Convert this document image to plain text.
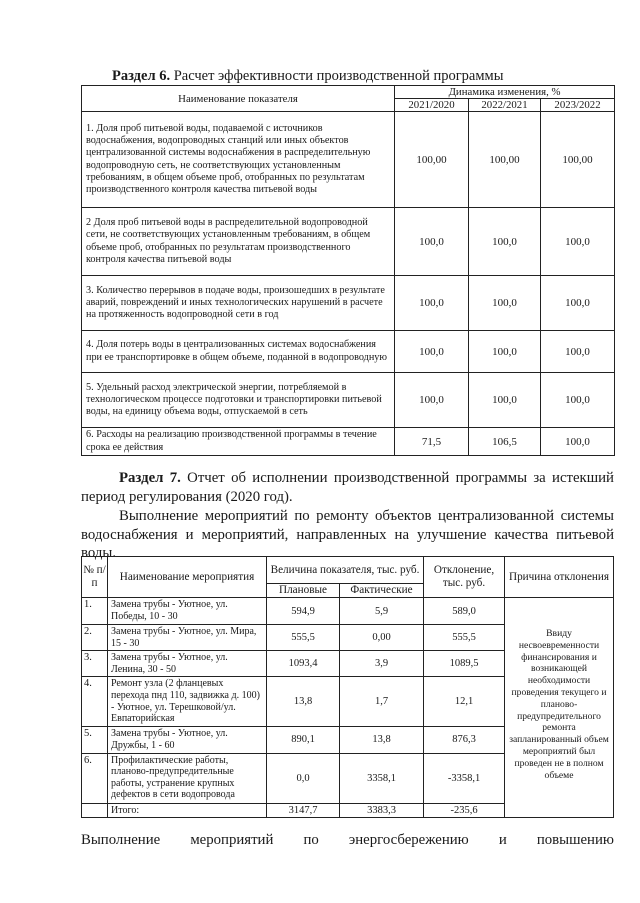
Раздел 6. Расчет эффективности производственной программы
Наименование показателя	Динамика изменения, %		
	2021/2020	2022/2021	2023/2022
1. Доля проб питьевой воды, подаваемой с источников водоснабжения, водопроводных станций или иных объектов централизованной системы водоснабжения в распределительную водопроводную сеть, не соответствующих установленным требованиям, в общем объеме проб, отобранных по результатам производственного контроля качества питьевой воды	100,00	100,00	100,00
2 Доля проб питьевой воды в распределительной водопроводной сети, не соответствующих установленным требованиям, в общем объеме проб, отобранных по результатам производственного контроля качества питьевой воды	100,0	100,0	100,0
3. Количество перерывов в подаче воды, произошедших в результате аварий, повреждений и иных технологических нарушений в расчете на протяженность водопроводной сети в год	100,0	100,0	100,0
4. Доля потерь воды в централизованных системах водоснабжения при ее транспортировке в общем объеме, поданной в водопроводную	100,0	100,0	100,0
5. Удельный расход электрической энергии, потребляемой в технологическом процессе подготовки и транспортировки питьевой воды, на единицу объема воды, отпускаемой в сеть	100,0	100,0	100,0
6. Расходы на реализацию производственной программы в течение срока ее действия	71,5	106,5	100,0
Раздел 7. Отчет об исполнении производственной программы за истекший период регулирования (2020 год).
Выполнение мероприятий по ремонту объектов централизованной системы водоснабжения и мероприятий, направленных на улучшение качества питьевой воды.
№ п/п	Наименование мероприятия	Величина показателя, тыс. руб.		Отклонение, тыс. руб.	Причина отклонения
		Плановые	Фактические		
1.	Замена трубы - Уютное, ул. Победы, 10 - 30	594,9	5,9	589,0	Ввиду несвоевременности финансирования и возникающей необходимости проведения текущего и планово-предупредительного ремонта запланированный объем мероприятий был проведен не в полном объеме
2.	Замена трубы - Уютное, ул. Мира, 15 - 30	555,5	0,00	555,5	
3.	Замена трубы - Уютное, ул. Ленина, 30 - 50	1093,4	3,9	1089,5	
4.	Ремонт узла (2 фланцевых перехода пнд 110, задвижка д. 100) - Уютное, ул. Терешковой/ул. Евпаторийская	13,8	1,7	12,1	
5.	Замена трубы - Уютное, ул. Дружбы, 1 - 60	890,1	13,8	876,3	
6.	Профилактические работы, планово-предупредительные работы, устранение крупных дефектов в сети водопровода	0,0	3358,1	-3358,1	
	Итого:	3147,7	3383,3	-235,6	
Выполнение мероприятий по энергосбережению и повышению
